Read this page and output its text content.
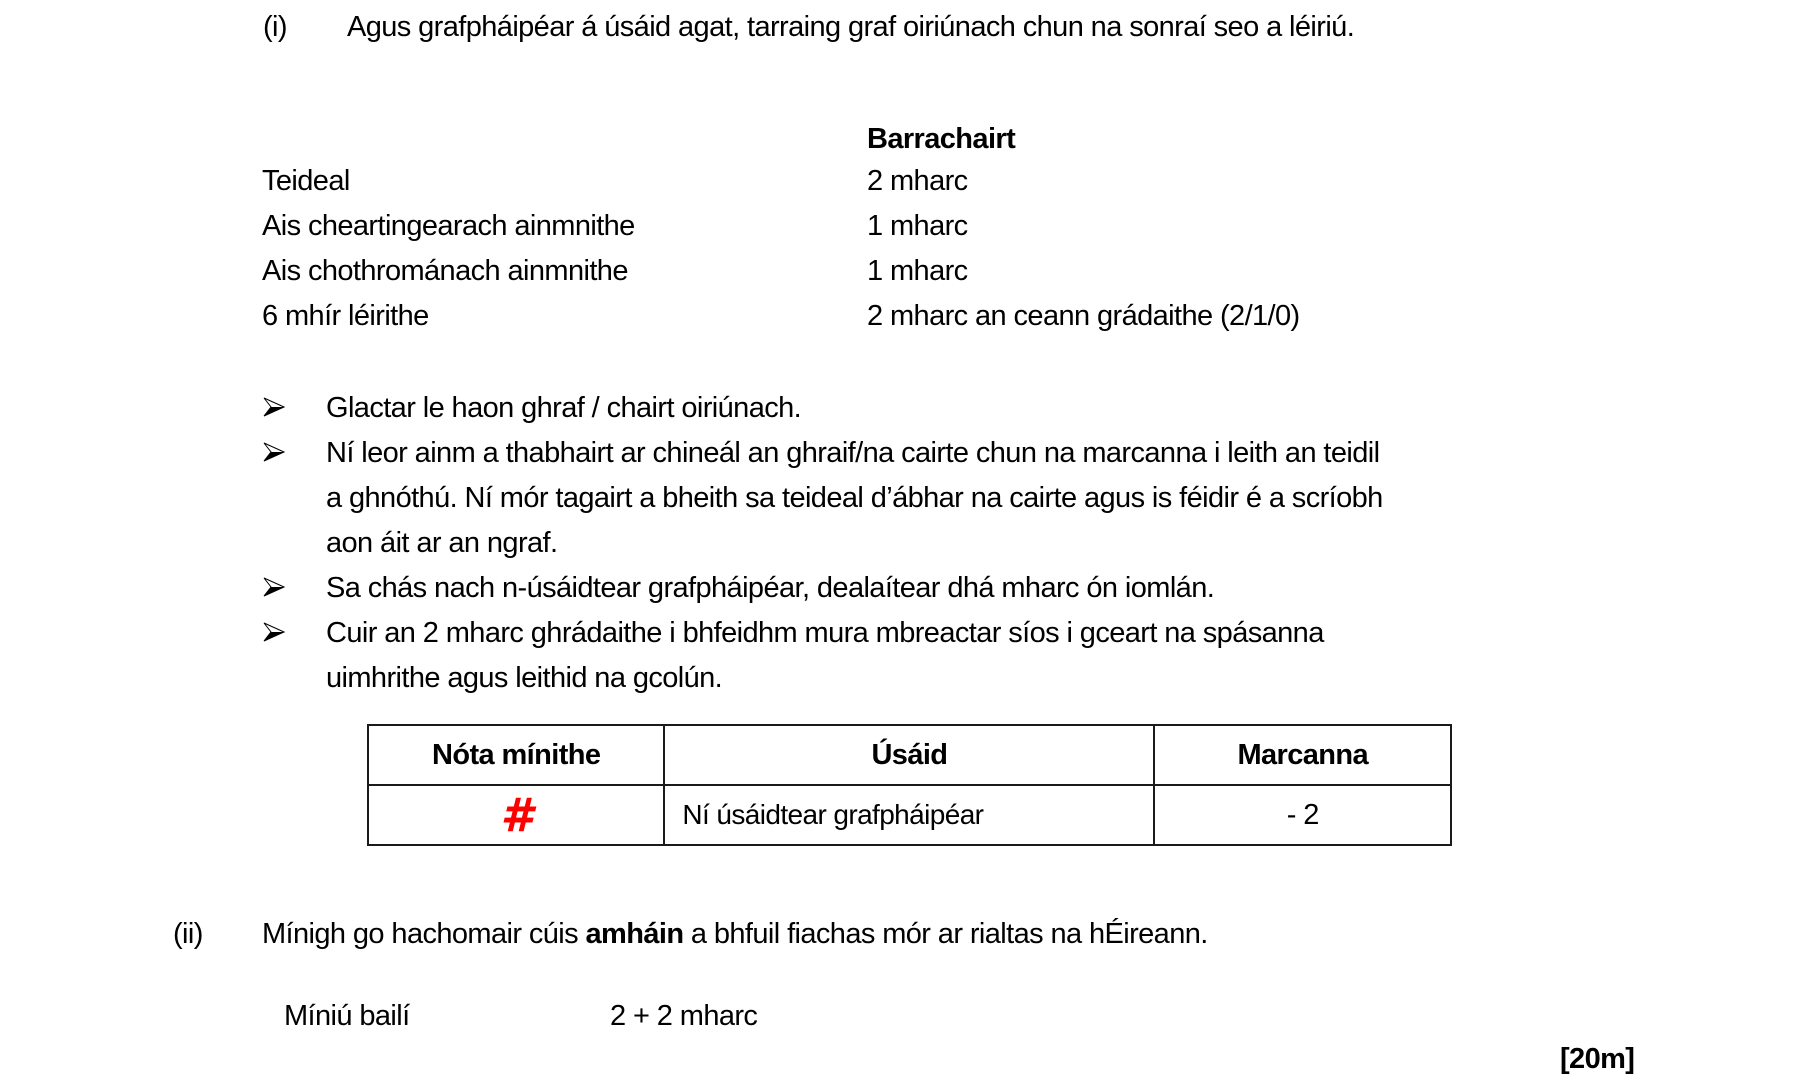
(i) Agus grafpháipéar á úsáid agat, tarraing graf oiriúnach chun na sonraí seo a léiriú.
Barrachairt
Teideal	2 mharc
Ais cheartingearach ainmnithe	1 mharc
Ais chothrománach ainmnithe	1 mharc
6 mhír léirithe	2 mharc an ceann grádaithe (2/1/0)
Glactar le haon ghraf / chairt oiriúnach.
Ní leor ainm a thabhairt ar chineál an ghraif/na cairte chun na marcanna i leith an teidil
a ghnóthú. Ní mór tagairt a bheith sa teideal d’ábhar na cairte agus is féidir é a scríobh
aon áit ar an ngraf.
Sa chás nach n-úsáidtear grafpháipéar, dealaítear dhá mharc ón iomlán.
Cuir an 2 mharc ghrádaithe i bhfeidhm mura mbreactar síos i gceart na spásanna
uimhrithe agus leithid na gcolún.
Nóta mínithe	Úsáid	Marcanna
#	Ní úsáidtear grafpháipéar	- 2
(ii) Mínigh go hachomair cúis amháin a bhfuil fiachas mór ar rialtas na hÉireann.
Míniú bailí	2 + 2 mharc
[20m]
